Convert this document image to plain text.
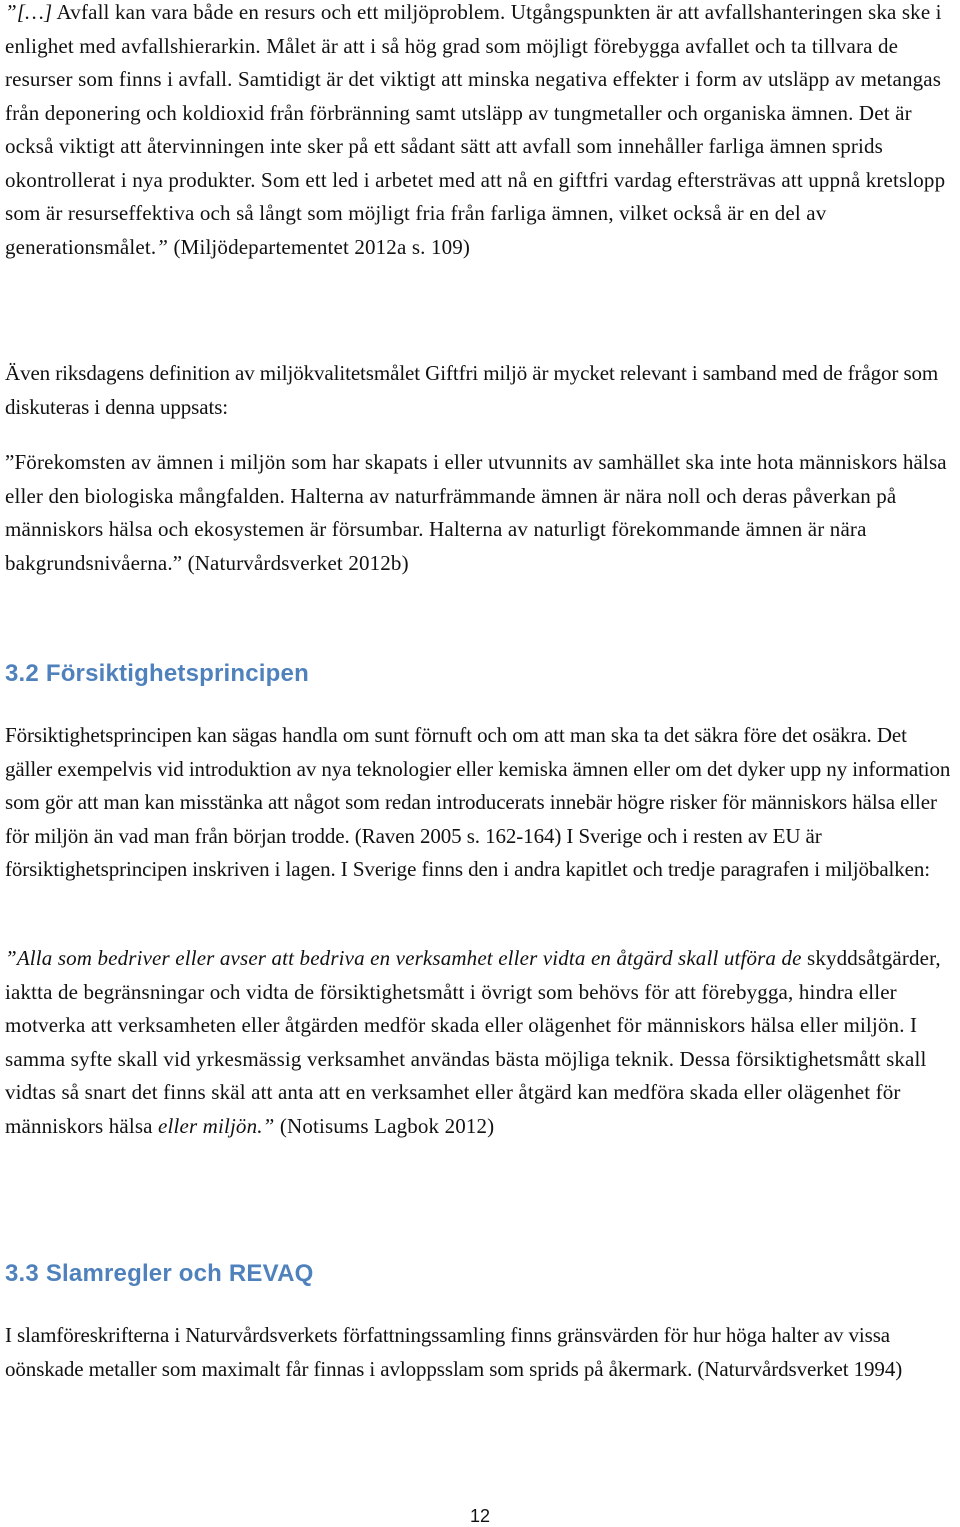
”[…] Avfall kan vara både en resurs och ett miljöproblem. Utgångspunkten är att avfallshanteringen ska ske i enlighet med avfallshierarkin. Målet är att i så hög grad som möjligt förebygga avfallet och ta tillvara de resurser som finns i avfall. Samtidigt är det viktigt att minska negativa effekter i form av utsläpp av metangas från deponering och koldioxid från förbränning samt utsläpp av tungmetaller och organiska ämnen. Det är också viktigt att återvinningen inte sker på ett sådant sätt att avfall som innehåller farliga ämnen sprids okontrollerat i nya produkter. Som ett led i arbetet med att nå en giftfri vardag eftersträvas att uppnå kretslopp som är resurseffektiva och så långt som möjligt fria från farliga ämnen, vilket också är en del av generationsmålet.” (Miljödepartementet 2012a s. 109)

Även riksdagens definition av miljökvalitetsmålet Giftfri miljö är mycket relevant i samband med de frågor som diskuteras i denna uppsats:

”Förekomsten av ämnen i miljön som har skapats i eller utvunnits av samhället ska inte hota människors hälsa eller den biologiska mångfalden. Halterna av naturfrämmande ämnen är nära noll och deras påverkan på människors hälsa och ekosystemen är försumbar. Halterna av naturligt förekommande ämnen är nära bakgrundsnivåerna.” (Naturvårdsverket 2012b)

3.2 Försiktighetsprincipen

Försiktighetsprincipen kan sägas handla om sunt förnuft och om att man ska ta det säkra före det osäkra. Det gäller exempelvis vid introduktion av nya teknologier eller kemiska ämnen eller om det dyker upp ny information som gör att man kan misstänka att något som redan introducerats innebär högre risker för människors hälsa eller för miljön än vad man från början trodde. (Raven 2005 s. 162-164) I Sverige och i resten av EU är försiktighetsprincipen inskriven i lagen. I Sverige finns den i andra kapitlet och tredje paragrafen i miljöbalken:

”Alla som bedriver eller avser att bedriva en verksamhet eller vidta en åtgärd skall utföra de skyddsåtgärder, iaktta de begränsningar och vidta de försiktighetsmått i övrigt som behövs för att förebygga, hindra eller motverka att verksamheten eller åtgärden medför skada eller olägenhet för människors hälsa eller miljön. I samma syfte skall vid yrkesmässig verksamhet användas bästa möjliga teknik. Dessa försiktighetsmått skall vidtas så snart det finns skäl att anta att en verksamhet eller åtgärd kan medföra skada eller olägenhet för människors hälsa eller miljön.” (Notisums Lagbok 2012)

3.3 Slamregler och REVAQ

I slamföreskrifterna i Naturvårdsverkets författningssamling finns gränsvärden för hur höga halter av vissa oönskade metaller som maximalt får finnas i avloppsslam som sprids på åkermark. (Naturvårdsverket 1994)

12
